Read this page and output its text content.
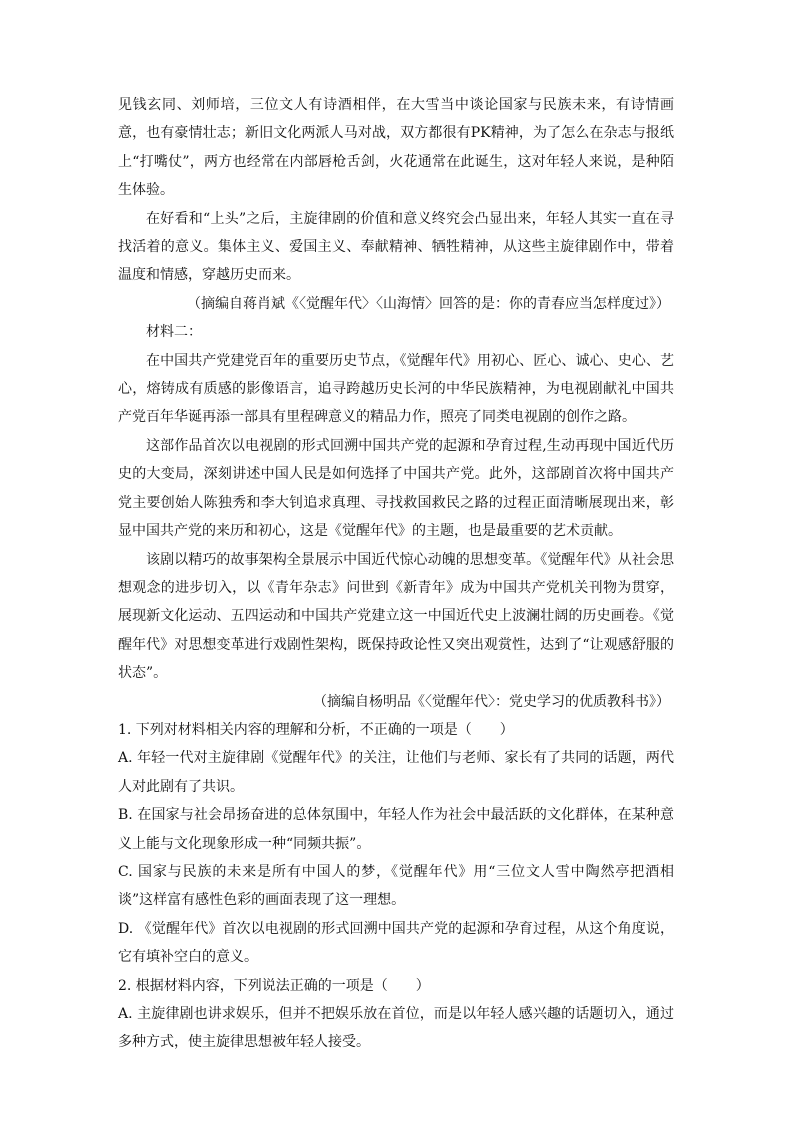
见钱玄同、刘师培，三位文人有诗酒相伴，在大雪当中谈论国家与民族未来，有诗情画意，也有豪情壮志；新旧文化两派人马对战，双方都很有PK精神，为了怎么在杂志与报纸上“打嘴仗”，两方也经常在内部唇枪舌剑，火花通常在此诞生，这对年轻人来说，是种陌生体验。

在好看和“上头”之后，主旋律剧的价值和意义终究会凸显出来，年轻人其实一直在寻找活着的意义。集体主义、爱国主义、奉献精神、牺牲精神，从这些主旋律剧作中，带着温度和情感，穿越历史而来。

（摘编自蒋肖斌《〈觉醒年代〉〈山海情〉回答的是：你的青春应当怎样度过》）

材料二：

在中国共产党建党百年的重要历史节点，《觉醒年代》用初心、匠心、诚心、史心、艺心，熔铸成有质感的影像语言，追寻跨越历史长河的中华民族精神，为电视剧献礼中国共产党百年华诞再添一部具有里程碑意义的精品力作，照亮了同类电视剧的创作之路。

这部作品首次以电视剧的形式回溯中国共产党的起源和孕育过程,生动再现中国近代历史的大变局，深刻讲述中国人民是如何选择了中国共产党。此外，这部剧首次将中国共产党主要创始人陈独秀和李大钊追求真理、寻找救国救民之路的过程正面清晰展现出来，彰显中国共产党的来历和初心，这是《觉醒年代》的主题，也是最重要的艺术贡献。

该剧以精巧的故事架构全景展示中国近代惊心动魄的思想变革。《觉醒年代》从社会思想观念的进步切入，以《青年杂志》问世到《新青年》成为中国共产党机关刊物为贯穿，展现新文化运动、五四运动和中国共产党建立这一中国近代史上波澜壮阔的历史画卷。《觉醒年代》对思想变革进行戏剧性架构，既保持政论性又突出观赏性，达到了“让观感舒服的状态”。

（摘编自杨明品《〈觉醒年代〉：党史学习的优质教科书》）

1. 下列对材料相关内容的理解和分析，不正确的一项是（　　）

A. 年轻一代对主旋律剧《觉醒年代》的关注，让他们与老师、家长有了共同的话题，两代人对此剧有了共识。

B. 在国家与社会昂扬奋进的总体氛围中，年轻人作为社会中最活跃的文化群体，在某种意义上能与文化现象形成一种“同频共振”。

C. 国家与民族的未来是所有中国人的梦，《觉醒年代》用“三位文人雪中陶然亭把酒相谈”这样富有感性色彩的画面表现了这一理想。

D. 《觉醒年代》首次以电视剧的形式回溯中国共产党的起源和孕育过程，从这个角度说，它有填补空白的意义。

2. 根据材料内容，下列说法正确的一项是（　　）

A. 主旋律剧也讲求娱乐，但并不把娱乐放在首位，而是以年轻人感兴趣的话题切入，通过多种方式，使主旋律思想被年轻人接受。
